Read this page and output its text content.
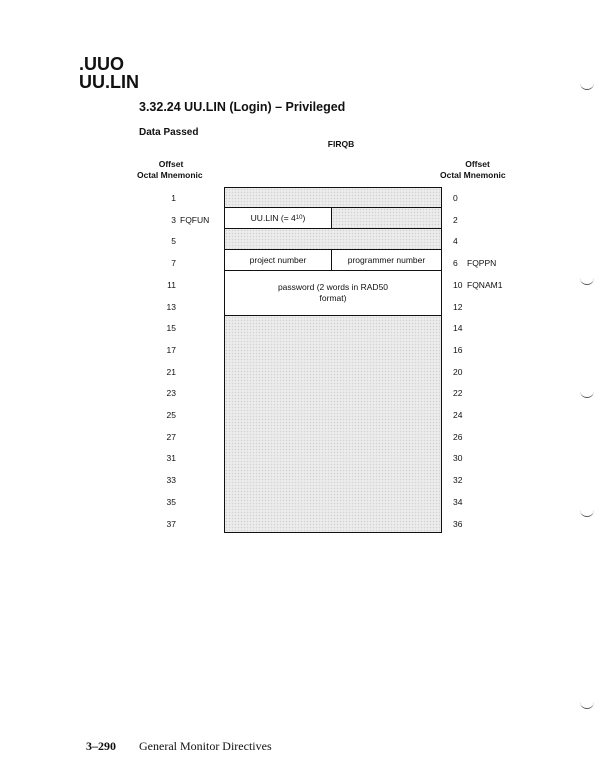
.UUO
UU.LIN
3.32.24 UU.LIN (Login) – Privileged
Data Passed
FIRQB
Offset
Octal Mnemonic
Offset
Octal Mnemonic
1
3 FQFUN
5
7
11
13
15
17
21
23
25
27
31
33
35
37
0
2
4
6 FQPPN
10 FQNAM1
12
14
16
20
22
24
26
30
32
34
36
UU.LIN (= 4 10 )
project number	programmer number
password (2 words in RAD50
format)
3–290 General Monitor Directives
